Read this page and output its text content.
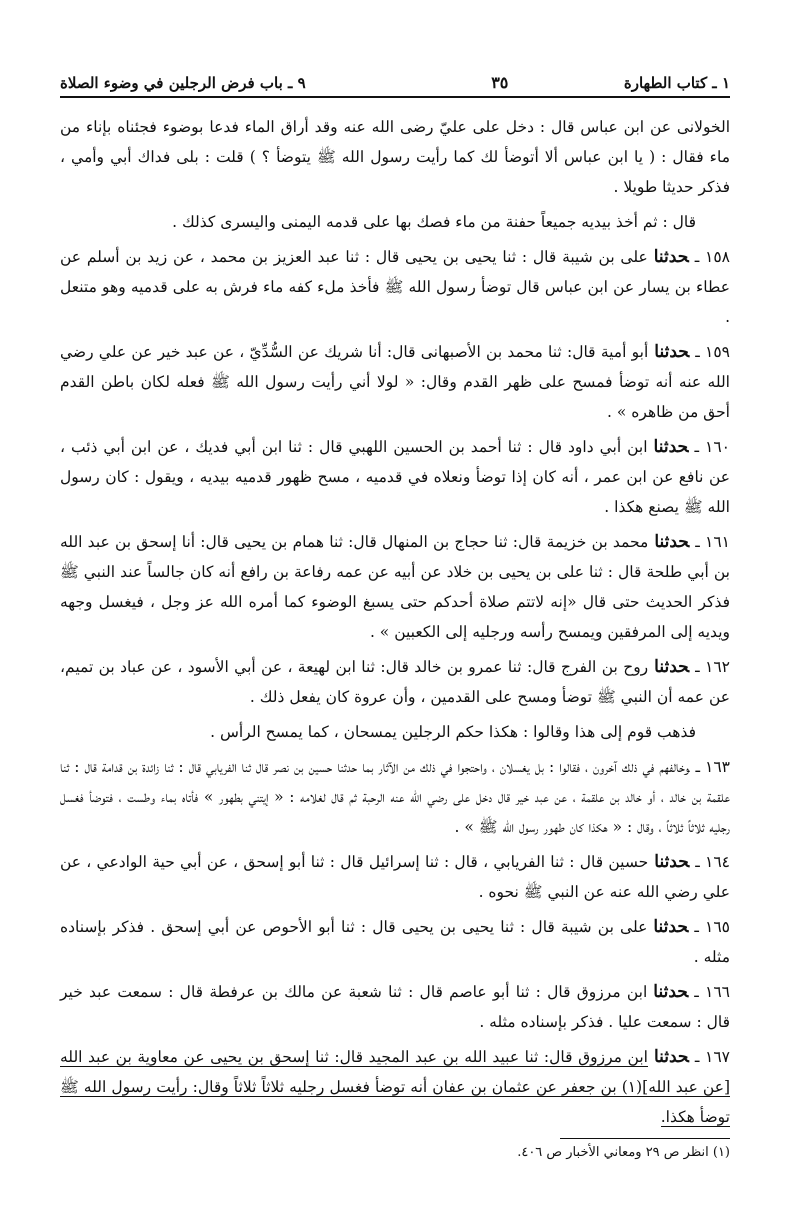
١ ـ كتاب الطهارة
٣٥
٩ ـ باب فرض الرجلين في وضوء الصلاة

الخولانى عن ابن عباس قال : دخل على عليّ رضى الله عنه وقد أراق الماء فدعا بوضوء فجئناه بإناء من ماء فقال : ( يا ابن عباس ألا أتوضأ لك كما رأيت رسول الله ﷺ يتوضأ ؟ ) قلت : بلى فداك أبي وأمي ، فذكر حديثا طويلا .

قال : ثم أخذ بيديه جميعاً حفنة من ماء فصك بها على قدمه اليمنى واليسرى كذلك .

١٥٨ ـحدثناعلى بن شيبة قال : ثنا يحيى بن يحيى قال : ثنا عبد العزيز بن محمد ، عن زيد بن أسلم عن عطاء بن يسار عن ابن عباس قال توضأ رسول الله ﷺ فأخذ ملء كفه ماء فرش به على قدميه وهو متنعل .

١٥٩ ـحدثناأبو أمية قال: ثنا محمد بن الأصبهانى قال: أنا شريك عن السُّدِّيّ ، عن عبد خير عن علي رضي الله عنه أنه توضأ فمسح على ظهر القدم وقال: « لولا أني رأيت رسول الله ﷺ فعله لكان باطن القدم أحق من ظاهره » .

١٦٠ ـحدثناابن أبي داود قال : ثنا أحمد بن الحسين اللهبي قال : ثنا ابن أبي فديك ، عن ابن أبي ذئب ، عن نافع عن ابن عمر ، أنه كان إذا توضأ ونعلاه في قدميه ، مسح ظهور قدميه بيديه ، ويقول : كان رسول الله ﷺ يصنع هكذا .

١٦١ ـحدثنامحمد بن خزيمة قال: ثنا حجاج بن المنهال قال: ثنا همام بن يحيى قال: أنا إسحق بن عبد الله بن أبي طلحة قال : ثنا على بن يحيى بن خلاد عن أبيه عن عمه رفاعة بن رافع أنه كان جالساً عند النبي ﷺ فذكر الحديث حتى قال «إنه لاتتم صلاة أحدكم حتى يسبغ الوضوء كما أمره الله عز وجل ، فيغسل وجهه ويديه إلى المرفقين ويمسح رأسه ورجليه إلى الكعبين » .

١٦٢ ـحدثناروح بن الفرج قال: ثنا عمرو بن خالد قال: ثنا ابن لهيعة ، عن أبي الأسود ، عن عباد بن تميم، عن عمه أن النبي ﷺ توضأ ومسح على القدمين ، وأن عروة كان يفعل ذلك .

فذهب قوم إلى هذا وقالوا : هكذا حكم الرجلين يمسحان ، كما يمسح الرأس .

١٦٣ ـوخالفهم في ذلك آخرون ، فقالوا : بل يغسلان ، واحتجوا في ذلك من الآثار بما حدثنا حسين بن نصر قال ثنا الفريابي قال : ثنا زائدة بن قدامة قال : ثنا علقمة بن خالد ، أو خالد بن علقمة ، عن عبد خير قال دخل على رضي الله عنه الرحبة ثم قال لغلامه : « إيتني بطهور » فأتاه بماء وطست ، فتوضأ فغسل رجليه ثلاثاً ثلاثاً ، وقال : « هكذا كان طهور رسول الله ﷺ » .

١٦٤ ـحدثناحسين قال : ثنا الفريابي ، قال : ثنا إسرائيل قال : ثنا أبو إسحق ، عن أبي حية الوادعي ، عن علي رضي الله عنه عن النبي ﷺ نحوه .

١٦٥ ـحدثناعلى بن شيبة قال : ثنا يحيى بن يحيى قال : ثنا أبو الأحوص عن أبي إسحق . فذكر بإسناده مثله .

١٦٦ ـحدثناابن مرزوق قال : ثنا أبو عاصم قال : ثنا شعبة عن مالك بن عرفطة قال : سمعت عبد خير قال : سمعت عليا . فذكر بإسناده مثله .

١٦٧ ـحدثناابن مرزوق قال: ثنا عبيد الله بن عبد المجيد قال: ثنا إسحق بن يحيى عن معاوية بن عبد الله [عن عبد الله](١) بن جعفر عن عثمان بن عفان أنه توضأ فغسل رجليه ثلاثاً ثلاثاً وقال: رأيت رسول الله ﷺ توضأ هكذا.

(١) انظر ص ٢٩ ومعاني الأخبار ص ٤٠٦.
